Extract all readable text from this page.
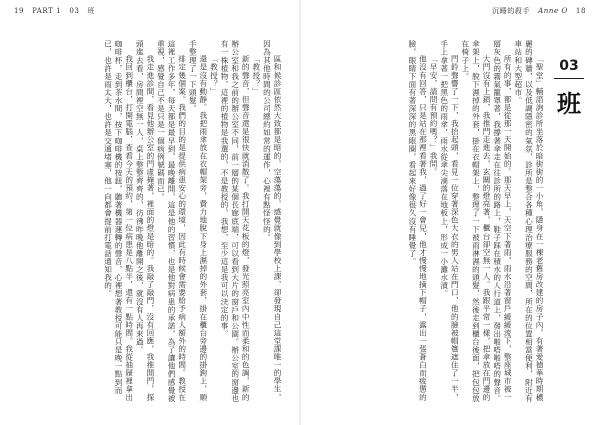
19 PART 1 03 班

區和候診區依然大致都是暗的，空蕩蕩的，感覺就像到學校上課，卻發現自己這堂課唯一的學生，因為其他時間的公司總約如常的運作，心裡有點怪怪的。

「教授？」

新的聲音，但聲音還是很快就消散了。我打開天花板的燈，發光照亮室內中性而柔和的色調，新的辦公室和我之前的辦公室不同，前一層的某個長廊底端，可以看到大片的窗戶和公園。辦公室的窗邊也有一株植物，這裡的植物是我選的，不是教授的，我想，至少這是我可以決定的事。

「教授？」

還是沒有動靜。我把雨傘放在衣帽架旁，費力地脫下身上濕掉的外套，掛在櫃台旁邊的掛鉤上，順手整理了一下頭髮。

排定幾個案。我們的目的是提供病患安心的環境，因此有時候會需要給予病人額外的時間。教授在這裡工作多年，每天都是最早到、最晚離開，這是他的習慣，也是他對病患的承諾，為了讓他們感覺被重視，感覺自己不是只是一個病例號碼而已。

我走進診間，看見他辦公室的門虛掩著，裡面的燈是暗的。我敲了敲門，沒有回應，我推開門，探頭進去看，房間裡空無一人，桌上整整齊齊的，彷彿昨晚他離開之後，就沒有人再來過。

我回到櫃台，打開電腦，查看今天的預約，第一位病患是八點半，還有一點時間。我從抽屜裡拿出咖啡杯，走到茶水間，按下咖啡機的按鈕，聽著機器運轉的聲音，心裡想著教授可能只是晚一點到而已，也許是雨太大，也許是交通堵塞，他一向都會提前打電話通知我的。

沉睡的殺手 Anne O 18
03
班

「聖堂」輔諮詢診所坐落於暗街街的一小角，隱身在一棟老舊房改建的房子內，有著愛德華時期穠麗的磚牆，以及低調隱密的氣氛，診所是整合各種心理治療服務的空間，所在的位置相當便利，附近有車站和大型超市。

所有的事，都是從那一天開始的。那天早上，天空下著雨，雨水沿著窗戶緩緩流下，整座城市被一層灰色的霧氣籠罩著，我撐著傘走在往診所的路上，鞋子踩在積水的人行道上，發出啪嗒啪嗒的聲音。

大門沒有上鎖，我推門走進去，玄關的燈亮著，櫃台卻空無一人。我跟平常一樣，把傘放在門邊的傘架上，脫下濕掉的外套，掛在衣帽架上，整理了一下被雨淋濕的頭髮，然後走到櫃台後面，把包包放在椅子上。

門鈴聲響了一下，我抬起頭，看見一位穿著深色大衣的男人站在門口，他的臉被帽簷遮住了一半，手上拿著一把黑色的雨傘，雨水從傘尖滴落在地板上，形成一小灘水漬。

「早安，請問有預約嗎？」我問。

他沒有回答，只是站在那裡看著我，過了好一會兒，他才慢慢地摘下帽子，露出一張蒼白而疲憊的臉，眼睛下面有著深深的黑眼圈，看起來好像很久沒有睡覺了。
